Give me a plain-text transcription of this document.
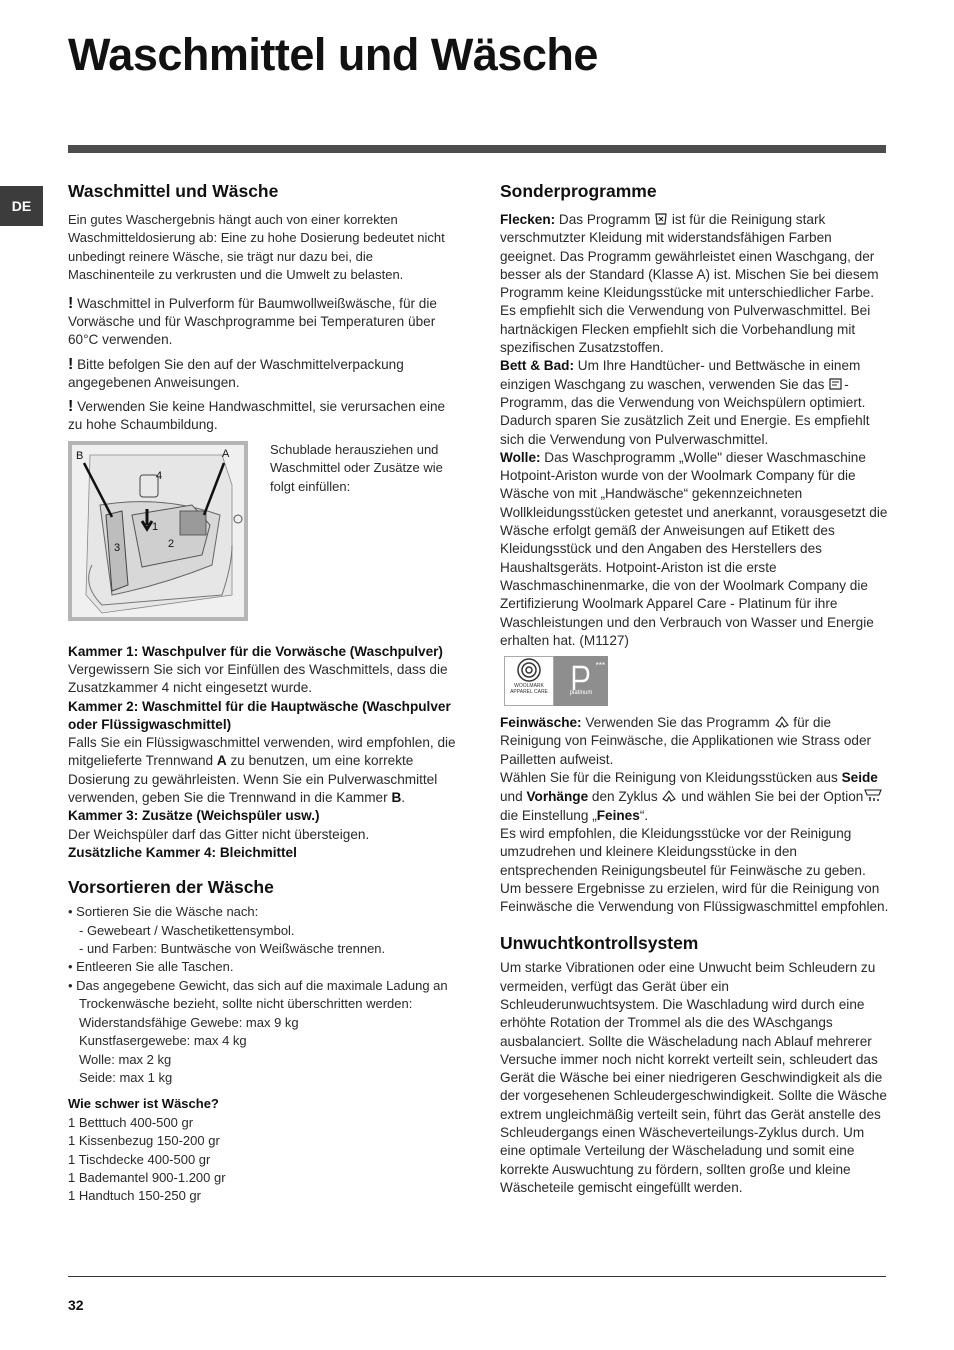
Waschmittel und Wäsche
DE
Waschmittel und Wäsche

Ein gutes Waschergebnis hängt auch von einer korrekten Waschmitteldosierung ab: Eine zu hohe Dosierung bedeutet nicht unbedingt reinere Wäsche, sie trägt nur dazu bei, die Maschinenteile zu verkrusten und die Umwelt zu belasten.

! Waschmittel in Pulverform für Baumwollweißwäsche, für die Vorwäsche und für Waschprogramme bei Temperaturen über 60°C verwenden.

! Bitte befolgen Sie den auf der Waschmittelverpackung angegebenen Anweisungen.

! Verwenden Sie keine Handwaschmittel, sie verursachen eine zu hohe Schaumbildung.

B	A
1
2
3
4

Schublade herausziehen und Waschmittel oder Zusätze wie folgt einfüllen:

Kammer 1: Waschpulver für die Vorwäsche (Waschpulver)

Vergewissern Sie sich vor Einfüllen des Waschmittels, dass die Zusatzkammer 4 nicht eingesetzt wurde.

Kammer 2: Waschmittel für die Hauptwäsche (Waschpulver oder Flüssigwaschmittel)

Falls Sie ein Flüssigwaschmittel verwenden, wird empfohlen, die mitgelieferte Trennwand A zu benutzen, um eine korrekte Dosierung zu gewährleisten. Wenn Sie ein Pulverwaschmittel verwenden, geben Sie die Trennwand in die Kammer B.

Kammer 3: Zusätze (Weichspüler usw.)

Der Weichspüler darf das Gitter nicht übersteigen.

Zusätzliche Kammer 4: Bleichmittel

Vorsortieren der Wäsche

• Sortieren Sie die Wäsche nach:

- Gewebeart / Waschetikettensymbol.

- und Farben: Buntwäsche von Weißwäsche trennen.

• Entleeren Sie alle Taschen.

• Das angegebene Gewicht, das sich auf die maximale Ladung an Trockenwäsche bezieht, sollte nicht überschritten werden:

Widerstandsfähige Gewebe: max 9 kg

Kunstfasergewebe: max 4 kg

Wolle: max 2 kg

Seide: max 1 kg

Wie schwer ist Wäsche?

1 Betttuch 400-500 gr

1 Kissenbezug 150-200 gr

1 Tischdecke 400-500 gr

1 Bademantel 900-1.200 gr

1 Handtuch 150-250 gr

Sonderprogramme

Flecken: Das Programm  ist für die Reinigung stark verschmutzter Kleidung mit widerstandsfähigen Farben geeignet. Das Programm gewährleistet einen Waschgang, der besser als der Standard (Klasse A) ist. Mischen Sie bei diesem Programm keine Kleidungsstücke mit unterschiedlicher Farbe. Es empfiehlt sich die Verwendung von Pulverwaschmittel. Bei hartnäckigen Flecken empfiehlt sich die Vorbehandlung mit spezifischen Zusatzstoffen.

Bett & Bad: Um Ihre Handtücher- und Bettwäsche in einem einzigen Waschgang zu waschen, verwenden Sie das -Programm, das die Verwendung von Weichspülern optimiert. Dadurch sparen Sie zusätzlich Zeit und Energie. Es empfiehlt sich die Verwendung von Pulverwaschmittel.

Wolle: Das Waschprogramm „Wolle" dieser Waschmaschine Hotpoint-Ariston wurde von der Woolmark Company für die Wäsche von mit „Handwäsche“ gekennzeichneten Wollkleidungsstücken getestet und anerkannt, vorausgesetzt die Wäsche erfolgt gemäß der Anweisungen auf Etikett des Kleidungsstück und den Angaben des Herstellers des Haushaltsgeräts. Hotpoint-Ariston ist die erste Waschmaschinenmarke, die von der Woolmark Company die Zertifizierung Woolmark Apparel Care - Platinum für ihre Waschleistungen und den Verbrauch von Wasser und Energie erhalten hat. (M1127)

WOOLMARK
APPAREL CARE
***
platinum

Feinwäsche: Verwenden Sie das Programm  für die Reinigung von Feinwäsche, die Applikationen wie Strass oder Pailletten aufweist.

Wählen Sie für die Reinigung von Kleidungsstücken aus Seide und Vorhänge den Zyklus  und wählen Sie bei der Option die Einstellung „Feines“.

Es wird empfohlen, die Kleidungsstücke vor der Reinigung umzudrehen und kleinere Kleidungsstücke in den entsprechenden Reinigungsbeutel für Feinwäsche zu geben.

Um bessere Ergebnisse zu erzielen, wird für die Reinigung von Feinwäsche die Verwendung von Flüssigwaschmittel empfohlen.

Unwuchtkontrollsystem

Um starke Vibrationen oder eine Unwucht beim Schleudern zu vermeiden, verfügt das Gerät über ein Schleuderunwuchtsystem. Die Waschladung wird durch eine erhöhte Rotation der Trommel als die des WAschgangs ausbalanciert. Sollte die Wäscheladung nach Ablauf mehrerer Versuche immer noch nicht korrekt verteilt sein, schleudert das Gerät die Wäsche bei einer niedrigeren Geschwindigkeit als die der vorgesehenen Schleudergeschwindigkeit. Sollte die Wäsche extrem ungleichmäßig verteilt sein, führt das Gerät anstelle des Schleudergangs einen Wäscheverteilungs-Zyklus durch. Um eine optimale Verteilung der Wäscheladung und somit eine korrekte Auswuchtung zu fördern, sollten große und kleine Wäscheteile gemischt eingefüllt werden.

32
